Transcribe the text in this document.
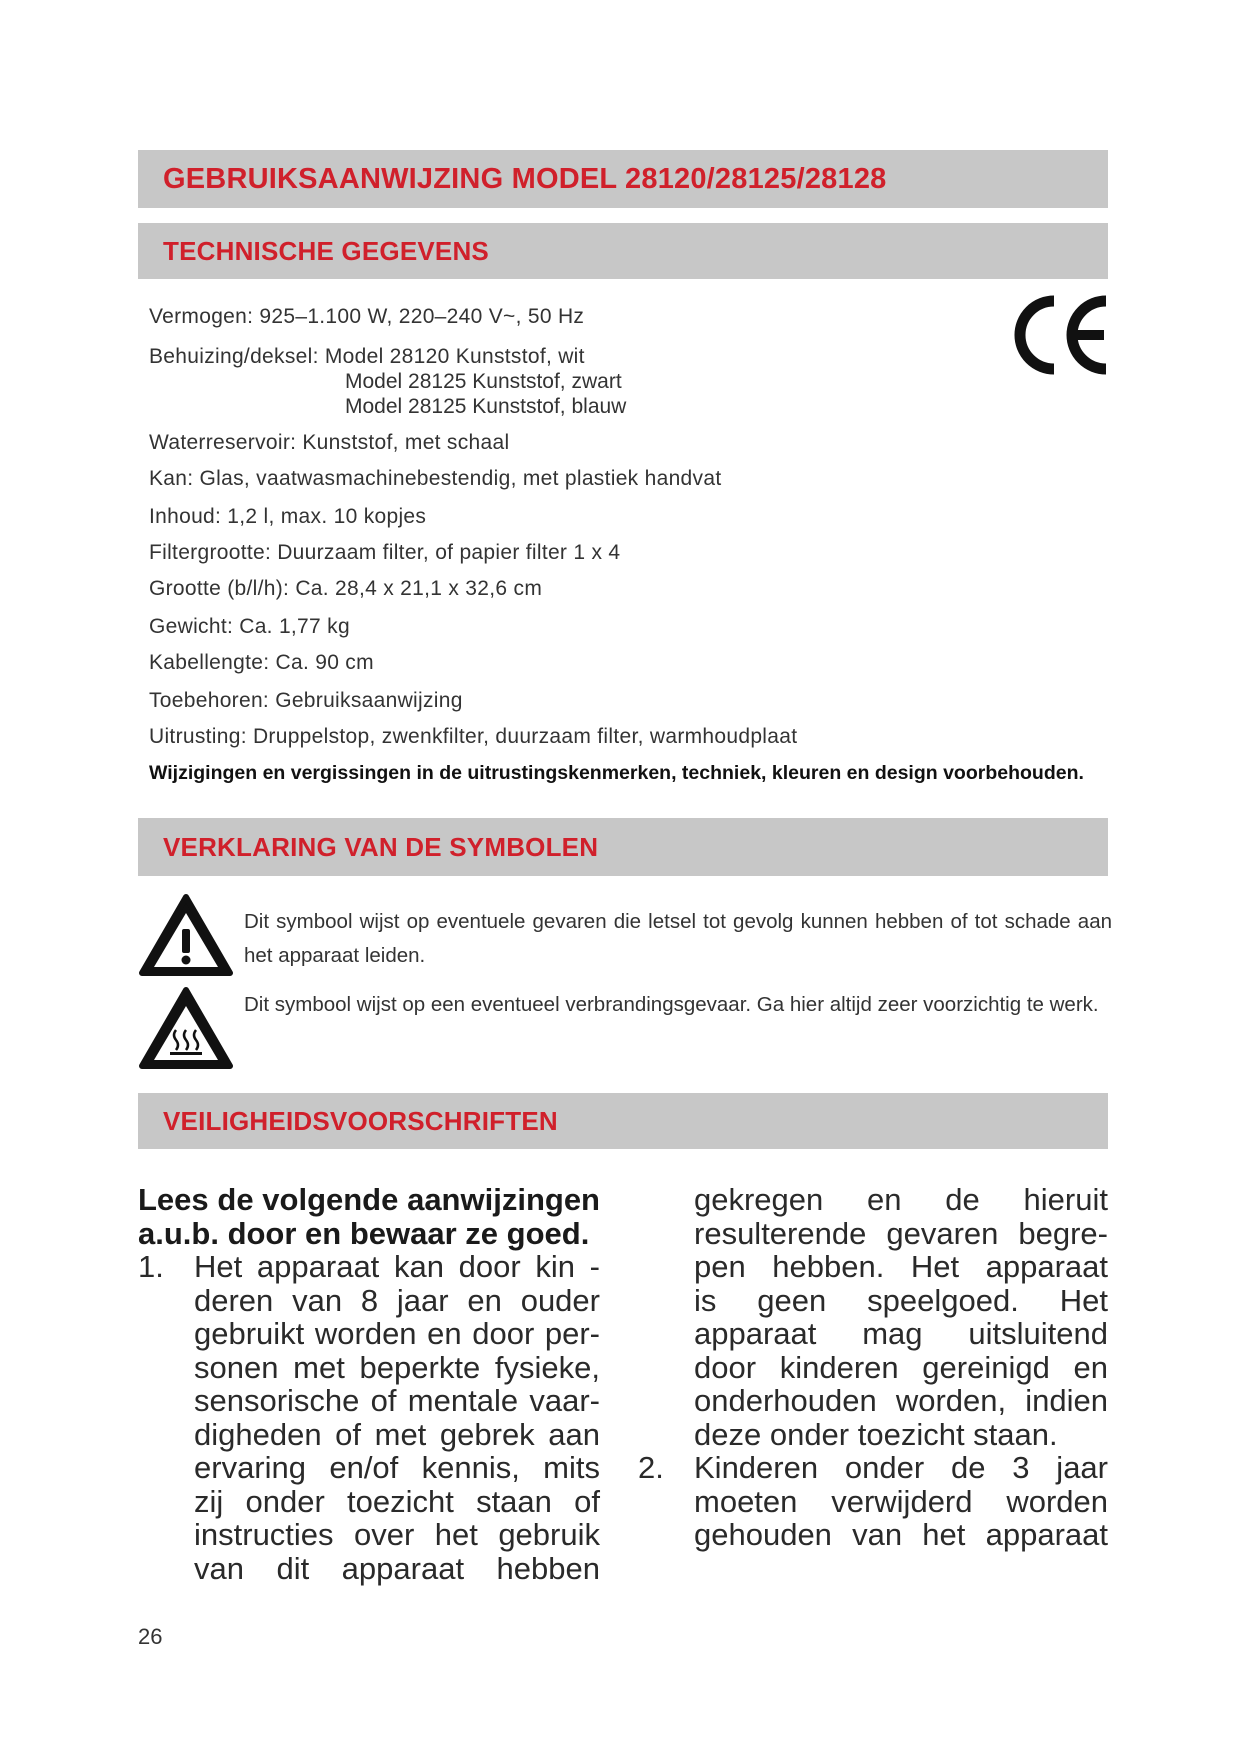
GEBRUIKSAANWIJZING MODEL 28120/28125/28128
TECHNISCHE GEGEVENS
Vermogen: 925–1.100 W, 220–240 V~, 50 Hz
Behuizing/deksel: Model 28120 Kunststof, wit
Model 28125 Kunststof, zwart
Model 28125 Kunststof, blauw
Waterreservoir: Kunststof, met schaal
Kan: Glas, vaatwasmachinebestendig, met plastiek handvat
Inhoud: 1,2 l, max. 10 kopjes
Filtergrootte: Duurzaam filter, of papier filter 1 x 4
Grootte (b/l/h): Ca. 28,4 x 21,1 x 32,6 cm
Gewicht: Ca. 1,77 kg
Kabellengte: Ca. 90 cm
Toebehoren: Gebruiksaanwijzing
Uitrusting: Druppelstop, zwenkfilter, duurzaam filter, warmhoudplaat
Wijzigingen en vergissingen in de uitrustingskenmerken, techniek, kleuren en design voorbehouden.
VERKLARING VAN DE SYMBOLEN
Dit symbool wijst op eventuele gevaren die letsel tot gevolg kunnen hebben of tot schade aan het apparaat leiden.
Dit symbool wijst op een eventueel verbrandingsgevaar. Ga hier altijd zeer voorzichtig te werk.
VEILIGHEIDSVOORSCHRIFTEN
Lees de volgende aanwijzingen
a.u.b. door en bewaar ze goed.
1. Het apparaat kan door kin -
deren van 8 jaar en ouder
gebruikt worden en door per-
sonen met beperkte fysieke,
sensorische of mentale vaar-
digheden of met gebrek aan
ervaring en/of kennis, mits
zij onder toezicht staan of
instructies over het gebruik
van dit apparaat hebben
gekregen en de hieruit
resulterende gevaren begre-
pen hebben. Het apparaat
is geen speelgoed. Het
apparaat mag uitsluitend
door kinderen gereinigd en
onderhouden worden, indien
deze onder toezicht staan.
2. Kinderen onder de 3 jaar
moeten verwijderd worden
gehouden van het apparaat
26
